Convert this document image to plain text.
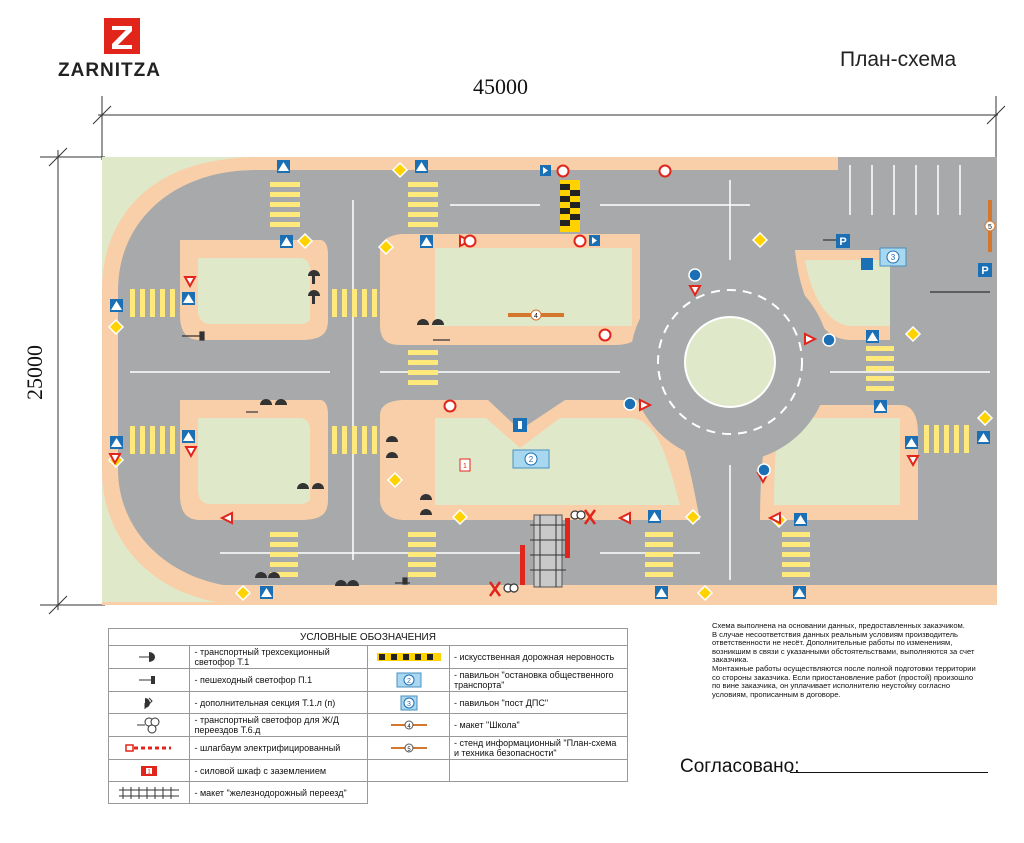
ZARNITZA	План-схема
45000
25000
2
3
4
5
1
P
P
УСЛОВНЫЕ ОБОЗНАЧЕНИЯ			

	- транспортный трехсекционный светофор Т.1		- искусственная дорожная неровность

	- пешеходный светофор П.1	2	- павильон "остановка общественного транспорта"

	- дополнительная секция Т.1.л (п)	3	- павильон "пост ДПС"

	- транспортный светофор для Ж/Д переездов Т.6.д	4	- макет "Школа"

	- шлагбаум электрифицированный	5	- стенд информационный "План-схема и техника безопасности"

1	- силовой шкаф с заземлением		

	- макет "железнодорожный переезд"		

Схема выполнена на основании данных, предоставленных заказчиком.

В случае несоответствия данных реальным условиям производитель ответственности не несёт. Дополнительные работы по изменениям, возникшим в связи с указанными обстоятельствами, выполняются за счет заказчика.

Монтажные работы осуществляются после полной подготовки территории со стороны заказчика. Если приостановление работ (простой) произошло по вине заказчика, он уплачивает исполнителю неустойку согласно условиям, прописанным в договоре.

Согласовано:
